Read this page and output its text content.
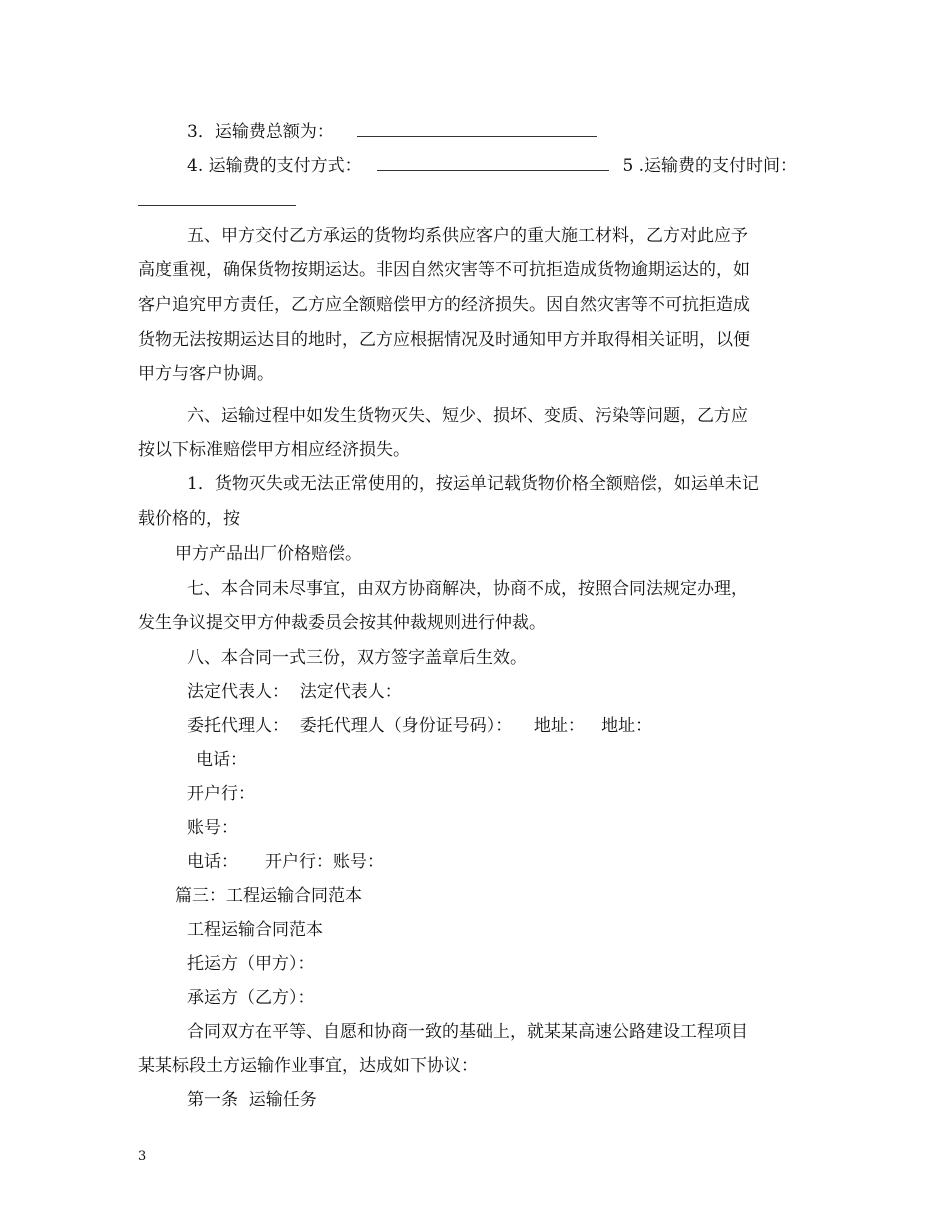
3．运输费总额为：
4. 运输费的支付方式：	5 .运输费的支付时间：
五、甲方交付乙方承运的货物均系供应客户的重大施工材料，乙方对此应予
高度重视，确保货物按期运达。非因自然灾害等不可抗拒造成货物逾期运达的，如
客户追究甲方责任，乙方应全额赔偿甲方的经济损失。因自然灾害等不可抗拒造成
货物无法按期运达目的地时，乙方应根据情况及时通知甲方并取得相关证明，以便
甲方与客户协调。
六、运输过程中如发生货物灭失、短少、损坏、变质、污染等问题，乙方应
按以下标准赔偿甲方相应经济损失。
1．货物灭失或无法正常使用的，按运单记载货物价格全额赔偿，如运单未记
载价格的，按
甲方产品出厂价格赔偿。
七、本合同未尽事宜，由双方协商解决，协商不成，按照合同法规定办理，
发生争议提交甲方仲裁委员会按其仲裁规则进行仲裁。
八、本合同一式三份，双方签字盖章后生效。
法定代表人：  法定代表人：
委托代理人：  委托代理人（身份证号码）：    地址：   地址：
电话：
开户行：
账号：
电话：     开户行：账号：
篇三：工程运输合同范本
工程运输合同范本
托运方（甲方）：
承运方（乙方）：
合同双方在平等、自愿和协商一致的基础上，就某某高速公路建设工程项目
某某标段土方运输作业事宜，达成如下协议：
第一条  运输任务
3
